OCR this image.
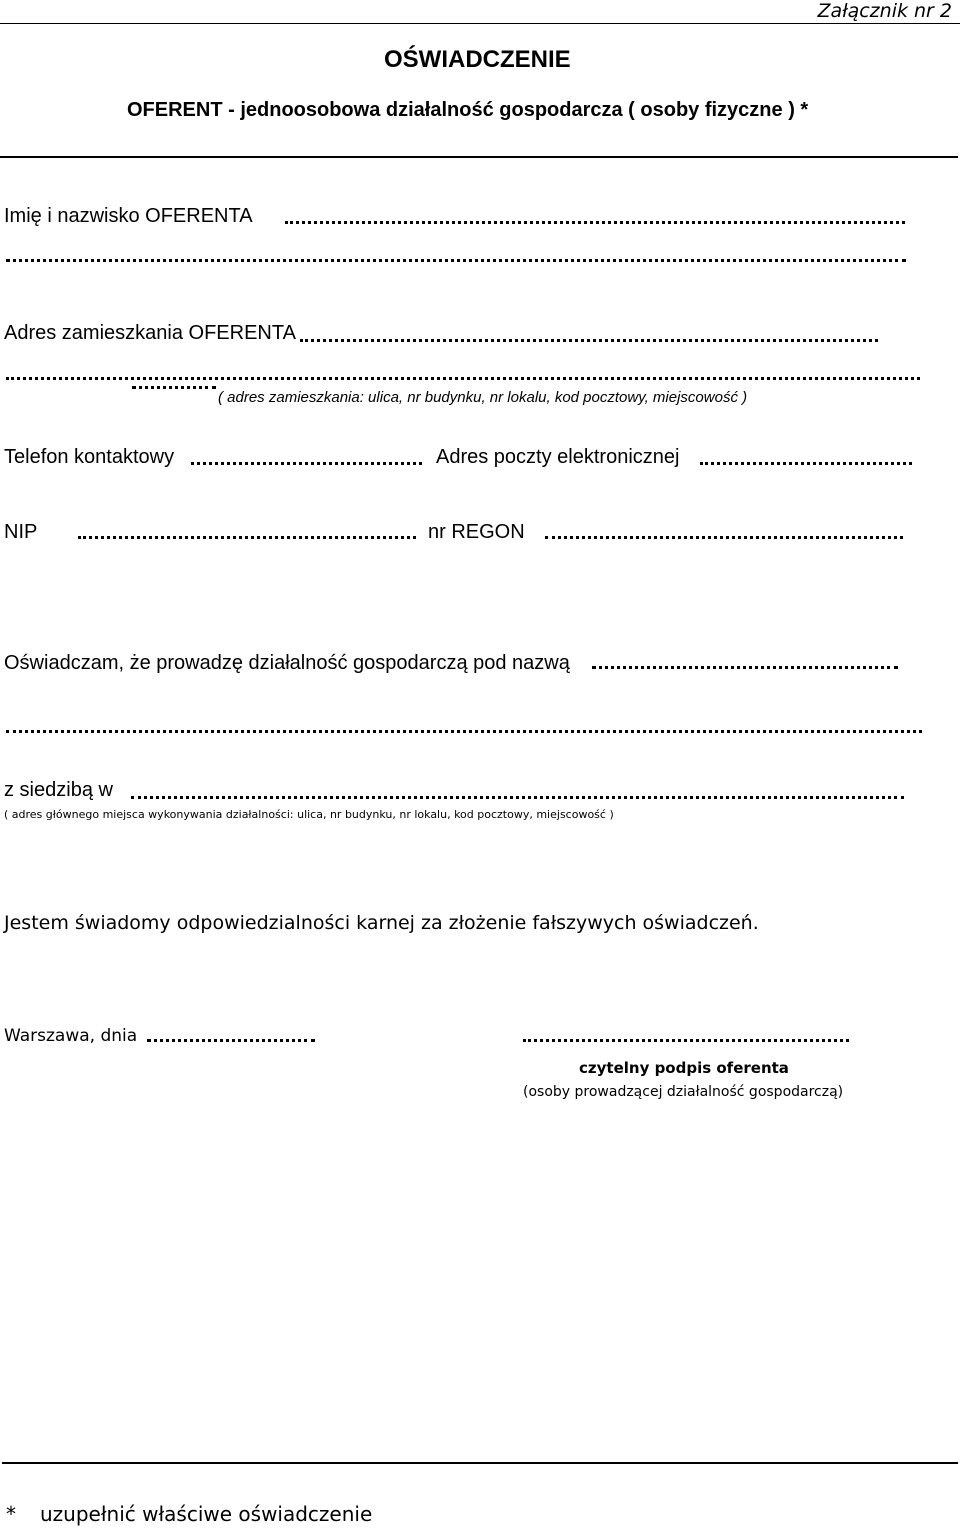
Załącznik nr 2
OŚWIADCZENIE
OFERENT - jednoosobowa działalność gospodarcza ( osoby fizyczne ) *
Imię i nazwisko OFERENTA
Adres zamieszkania OFERENTA
( adres zamieszkania: ulica, nr budynku, nr lokalu, kod pocztowy, miejscowość )
Telefon kontaktowy	Adres poczty elektronicznej
NIP	nr REGON
Oświadczam, że prowadzę działalność gospodarczą pod nazwą
z siedzibą w
( adres głównego miejsca wykonywania działalności: ulica, nr budynku, nr lokalu, kod pocztowy, miejscowość )
Jestem świadomy odpowiedzialności karnej za złożenie fałszywych oświadczeń.
Warszawa, dnia
czytelny podpis oferenta
(osoby prowadzącej działalność gospodarczą)
* uzupełnić właściwe oświadczenie
